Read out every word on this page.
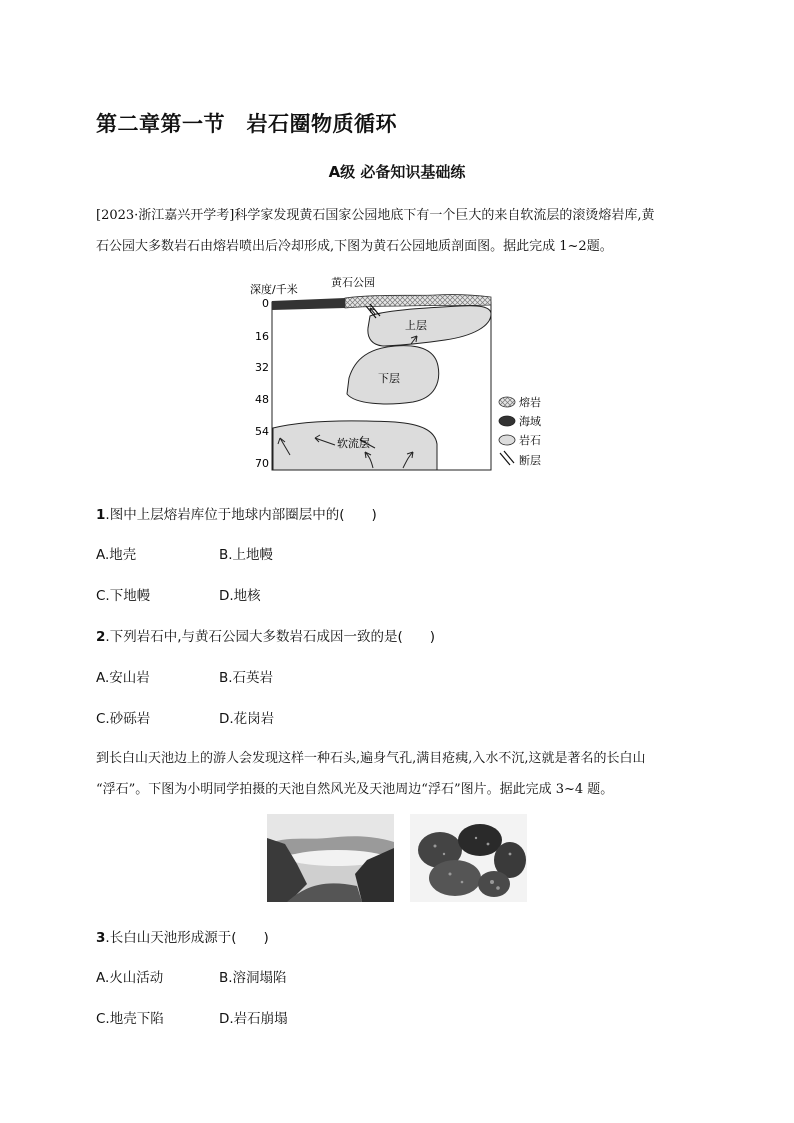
第二章第一节　 岩石圈物质循环
A级 必备知识基础练
[2023·浙江嘉兴开学考]科学家发现黄石国家公园地底下有一个巨大的来自软流层的滚烫熔岩库,黄
石公园大多数岩石由熔岩喷出后冷却形成,下图为黄石公园地质剖面图。据此完成 1~2题。
黄石公园
深度/千米
0
16
32
48
54
70
上层
下层
软流层
熔岩
海域
岩石
断层
1.图中上层熔岩库位于地球内部圈层中的(　　)
A.地壳	B.上地幔
C.下地幔	D.地核
2.下列岩石中,与黄石公园大多数岩石成因一致的是(　　)
A.安山岩	B.石英岩
C.砂砾岩	D.花岗岩
到长白山天池边上的游人会发现这样一种石头,遍身气孔,满目疮痍,入水不沉,这就是著名的长白山
“浮石”。下图为小明同学拍摄的天池自然风光及天池周边“浮石”图片。据此完成 3~4 题。
3.长白山天池形成源于(　　)
A.火山活动	B.溶洞塌陷
C.地壳下陷	D.岩石崩塌
